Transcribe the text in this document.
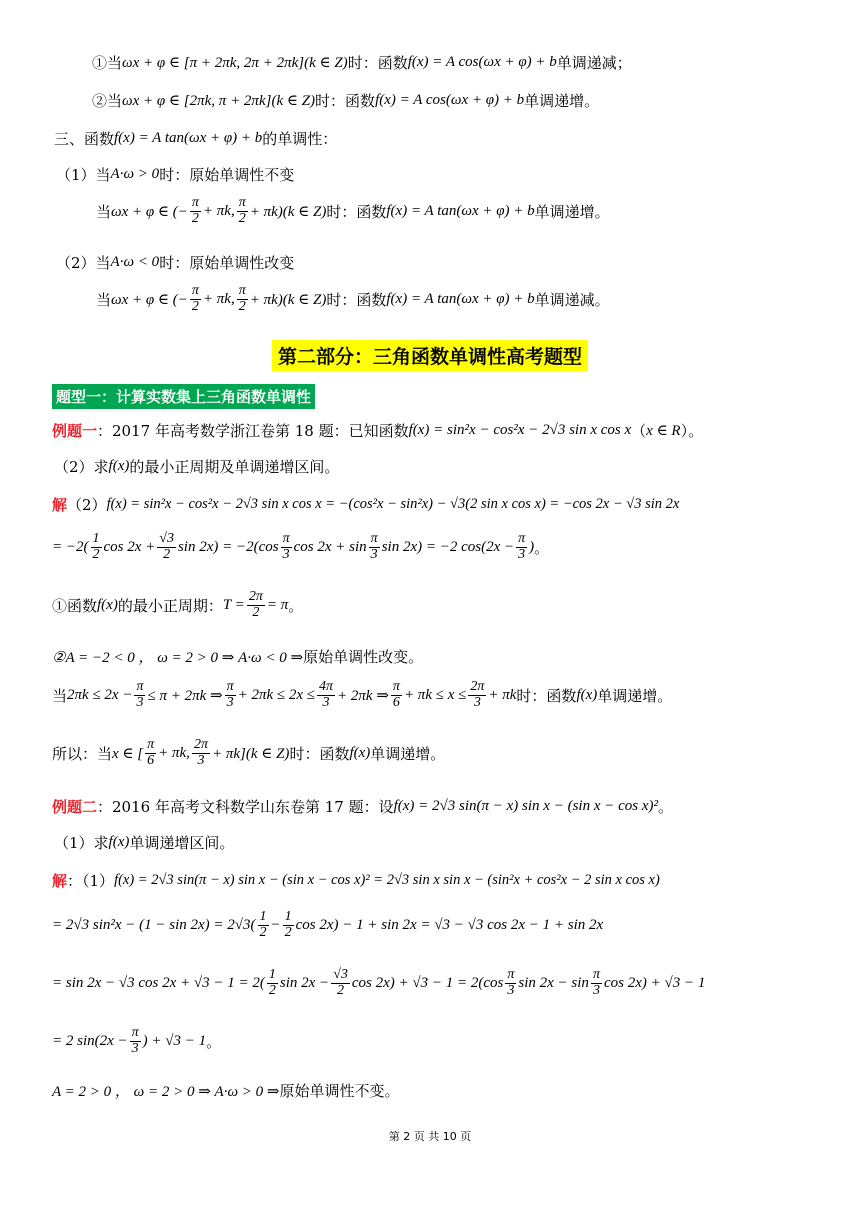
①当 ωx + φ ∈ [π + 2πk, 2π + 2πk](k ∈ Z) 时：函数 f(x) = A cos(ωx + φ) + b 单调递减；
②当 ωx + φ ∈ [2πk, π + 2πk](k ∈ Z) 时：函数 f(x) = A cos(ωx + φ) + b 单调递增。
三、函数 f(x) = A tan(ωx + φ) + b 的单调性：
（1）当 A·ω > 0 时：原始单调性不变
当 ωx + φ ∈ (− $\frac{\pi}{2} + \pi k$, $\frac{\pi}{2} + \pi k)(k$ ∈ Z) 时：函数 f(x) = A tan(ωx + φ) + b 单调递增。
（2）当 A·ω < 0 时：原始单调性改变
当 ωx + φ ∈ (− $\frac{\pi}{2} + \pi k$, $\frac{\pi}{2} + \pi k)(k$ ∈ Z) 时：函数 f(x) = A tan(ωx + φ) + b 单调递减。
第二部分：三角函数单调性高考题型
题型一：计算实数集上三角函数单调性
例题一 ：2017 年高考数学浙江卷第 18 题：已知函数 f(x) = sin²x − cos²x − 2√3 sin x cos x （ x ∈ R ）。
（2）求 f(x) 的最小正周期及单调递增区间。
解 （2） f(x) = sin²x − cos²x − 2√3 sin x cos x = −(cos²x − sin²x) − √3(2 sin x cos x) = −cos 2x − √3 sin 2x
= $-2( \frac{1}{2}$ $\cos 2x + \frac{√3}{2}$ $\sin 2x) = -2(\cos \frac{\pi}{3}$ $\cos 2x + \sin \frac{\pi}{3}$ sin 2x) = −2 $\cos(2x - \frac{\pi}{3}$ ) 。
①函数 f(x) 的最小正周期： $T = \frac{2\pi}{2} = \pi$ 。
②A = −2 < 0 ， ω = 2 > 0 ⇒ A·ω < 0 ⇒ 原始单调性改变。
当 $2\pi k \le 2x - \frac{\pi}{3} \le \pi + 2\pi k$ ⇒ $\frac{\pi}{3} + 2\pi k \le 2x \le \frac{4\pi}{3} + 2\pi k$ ⇒ $\frac{\pi}{6} + \pi k \le x \le \frac{2\pi}{3} + \pi k$ 时：函数 f(x) 单调递增。
所以：当 x ∈ [ $\frac{\pi}{6} + \pi k$, $\frac{2\pi}{3} + \pi k](k$ ∈ Z) 时：函数 f(x) 单调递增。
例题二 ：2016 年高考文科数学山东卷第 17 题：设 f(x) = 2√3 sin(π − x) sin x − (sin x − cos x)² 。
（1）求 f(x) 单调递增区间。
解 ：（1） f(x) = 2√3 sin(π − x) sin x − (sin x − cos x)² = 2√3 sin x sin x − (sin²x + cos²x − 2 sin x cos x)
= 2√3 $\sin^2x - (1 - \sin 2x) = 2√3( \frac{1}{2} - \frac{1}{2}$ cos 2x) − 1 + sin 2x = √3 − √3 cos 2x − 1 + sin 2x
= sin 2x − √3 $\cos 2x + √3 - 1 = 2( \frac{1}{2}$ $\sin 2x - \frac{√3}{2}$ $\cos 2x) + √3 - 1 = 2(\cos \frac{\pi}{3}$ $\sin 2x - \sin \frac{\pi}{3}$ cos 2x) + √3 − 1
= 2 $\sin(2x - \frac{\pi}{3}$ ) + √3 − 1 。
A = 2 > 0 ， ω = 2 > 0 ⇒ A·ω > 0 ⇒ 原始单调性不变。
第 2 页 共 10 页
